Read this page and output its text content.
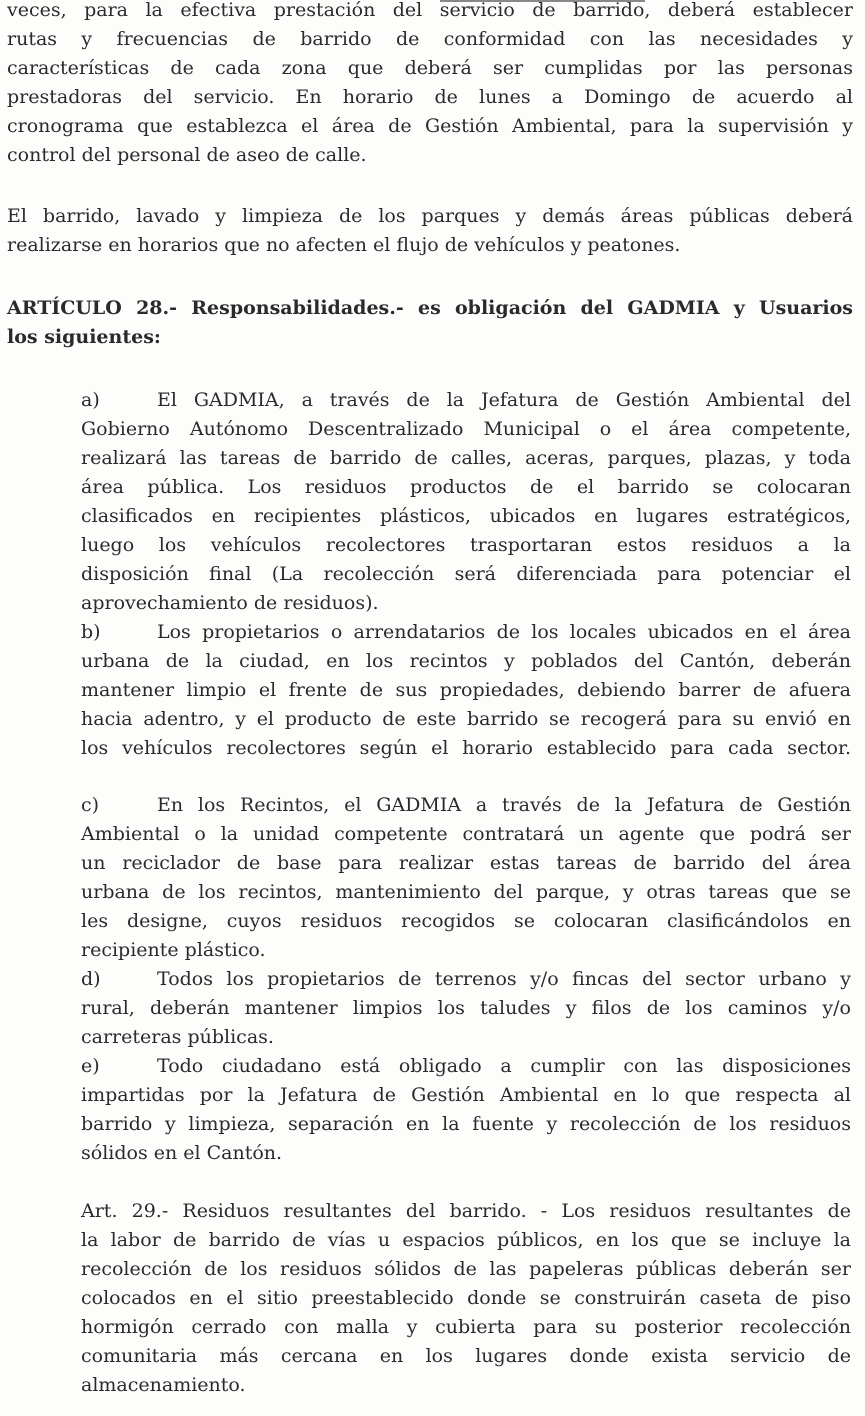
veces, para la efectiva prestación del servicio de barrido, deberá establecer
rutas y frecuencias de barrido de conformidad con las necesidades y
características de cada zona que deberá ser cumplidas por las personas
prestadoras del servicio. En horario de lunes a Domingo de acuerdo al
cronograma que establezca el área de Gestión Ambiental, para la supervisión y
control del personal de aseo de calle.
El barrido, lavado y limpieza de los parques y demás áreas públicas deberá
realizarse en horarios que no afecten el flujo de vehículos y peatones.
ARTÍCULO 28.- Responsabilidades.- es obligación del GADMIA y Usuarios
los siguientes:
a)	El GADMIA, a través de la Jefatura de Gestión Ambiental del
Gobierno Autónomo Descentralizado Municipal o el área competente,
realizará las tareas de barrido de calles, aceras, parques, plazas, y toda
área pública. Los residuos productos de el barrido se colocaran
clasificados en recipientes plásticos, ubicados en lugares estratégicos,
luego los vehículos recolectores trasportaran estos residuos a la
disposición final (La recolección será diferenciada para potenciar el
aprovechamiento de residuos).
b)	Los propietarios o arrendatarios de los locales ubicados en el área
urbana de la ciudad, en los recintos y poblados del Cantón, deberán
mantener limpio el frente de sus propiedades, debiendo barrer de afuera
hacia adentro, y el producto de este barrido se recogerá para su envió en
los vehículos recolectores según el horario establecido para cada sector.
c)	En los Recintos, el GADMIA a través de la Jefatura de Gestión
Ambiental o la unidad competente contratará un agente que podrá ser
un reciclador de base para realizar estas tareas de barrido del área
urbana de los recintos, mantenimiento del parque, y otras tareas que se
les designe, cuyos residuos recogidos se colocaran clasificándolos en
recipiente plástico.
d)	Todos los propietarios de terrenos y/o fincas del sector urbano y
rural, deberán mantener limpios los taludes y filos de los caminos y/o
carreteras públicas.
e)	Todo ciudadano está obligado a cumplir con las disposiciones
impartidas por la Jefatura de Gestión Ambiental en lo que respecta al
barrido y limpieza, separación en la fuente y recolección de los residuos
sólidos en el Cantón.
Art. 29.- Residuos resultantes del barrido. - Los residuos resultantes de
la labor de barrido de vías u espacios públicos, en los que se incluye la
recolección de los residuos sólidos de las papeleras públicas deberán ser
colocados en el sitio preestablecido donde se construirán caseta de piso
hormigón cerrado con malla y cubierta para su posterior recolección
comunitaria más cercana en los lugares donde exista servicio de
almacenamiento.
